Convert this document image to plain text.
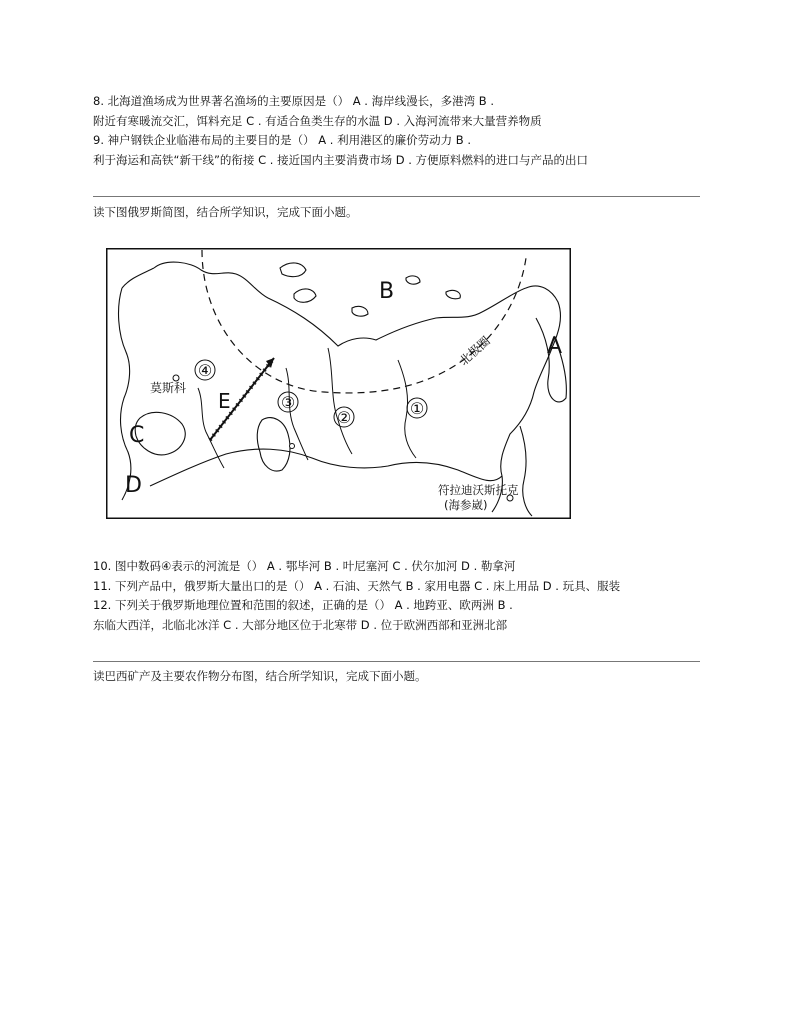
8. 北海道渔场成为世界著名渔场的主要原因是（） A . 海岸线漫长，多港湾 B .
附近有寒暖流交汇，饵料充足 C . 有适合鱼类生存的水温 D . 入海河流带来大量营养物质
9. 神户钢铁企业临港布局的主要目的是（） A . 利用港区的廉价劳动力 B .
利于海运和高铁“新干线”的衔接 C . 接近国内主要消费市场 D . 方便原料燃料的进口与产品的出口
读下图俄罗斯简图，结合所学知识，完成下面小题。
④
③
②	①
B
A
C
D
E
莫斯科
北极圈
符拉迪沃斯托克
(海参崴)
10. 图中数码④表示的河流是（） A . 鄂毕河 B . 叶尼塞河 C . 伏尔加河 D . 勒拿河
11. 下列产品中，俄罗斯大量出口的是（） A . 石油、天然气 B . 家用电器 C . 床上用品 D . 玩具、服装
12. 下列关于俄罗斯地理位置和范围的叙述，正确的是（） A . 地跨亚、欧两洲 B .
东临大西洋，北临北冰洋 C . 大部分地区位于北寒带 D . 位于欧洲西部和亚洲北部
读巴西矿产及主要农作物分布图，结合所学知识，完成下面小题。
